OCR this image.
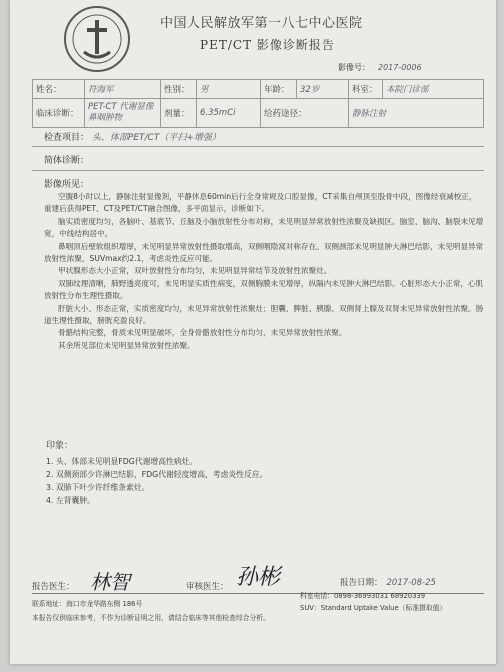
中国人民解放军第一八七中心医院
PET/CT 影像诊断报告
影像号： 2017-0006
姓名：	符海军	性别：	男	年龄：	32岁	科室：	本院门诊部
临床诊断：	PET-CT 代谢显像 鼻咽肿物	剂量：	6.35mCi	给药途径：		静脉注射	
检查项目： 头、体部PET/CT（平扫+增强）
简体诊断：
影像所见：

空腹8小时以上，静脉注射显像剂，平静休息60min后行全身常规及口腔显像，CT采集自颅顶至股骨中段，图像经衰减校正，重建后获得PET、CT及PET/CT融合图像，多平面显示，诊断如下。

脑实质密度均匀，各脑叶、基底节、丘脑及小脑放射性分布对称，未见明显异常放射性浓聚及缺损区。脑室、脑沟、脑裂未见增宽，中线结构居中。

鼻咽顶后壁软组织增厚，未见明显异常放射性摄取增高，双侧咽隐窝对称存在。双侧颈部未见明显肿大淋巴结影，未见明显异常放射性浓聚，SUVmax约2.1，考虑炎性反应可能。

甲状腺形态大小正常，双叶放射性分布均匀，未见明显异常结节及放射性浓聚灶。

双肺纹理清晰，肺野透亮度可，未见明显实质性病变，双侧胸膜未见增厚，纵隔内未见肿大淋巴结影。心脏形态大小正常，心肌放射性分布生理性摄取。

肝脏大小、形态正常，实质密度均匀，未见异常放射性浓聚灶；胆囊、脾脏、胰腺、双侧肾上腺及双肾未见异常放射性浓聚。肠道生理性摄取，膀胱充盈良好。

骨骼结构完整，骨质未见明显破坏，全身骨骼放射性分布均匀，未见异常放射性浓聚。

其余所见部位未见明显异常放射性浓聚。

印象：
1. 头、体部未见明显FDG代谢增高性病灶。
2. 双侧颈部少许淋巴结影，FDG代谢轻度增高，考虑炎性反应。
3. 双肺下叶少许纤维条索灶。
4. 左肾囊肿。
林智	孙彬
报告医生：	审核医生：	报告日期： 2017-08-25
联系地址：海口市龙华路东侧 186号
科室电话：0898-36993031 68920339
SUV：Standard Uptake Value（标准摄取值）
本报告仅供临床参考，不作为诊断证明之用，请结合临床等其他检查综合分析。
